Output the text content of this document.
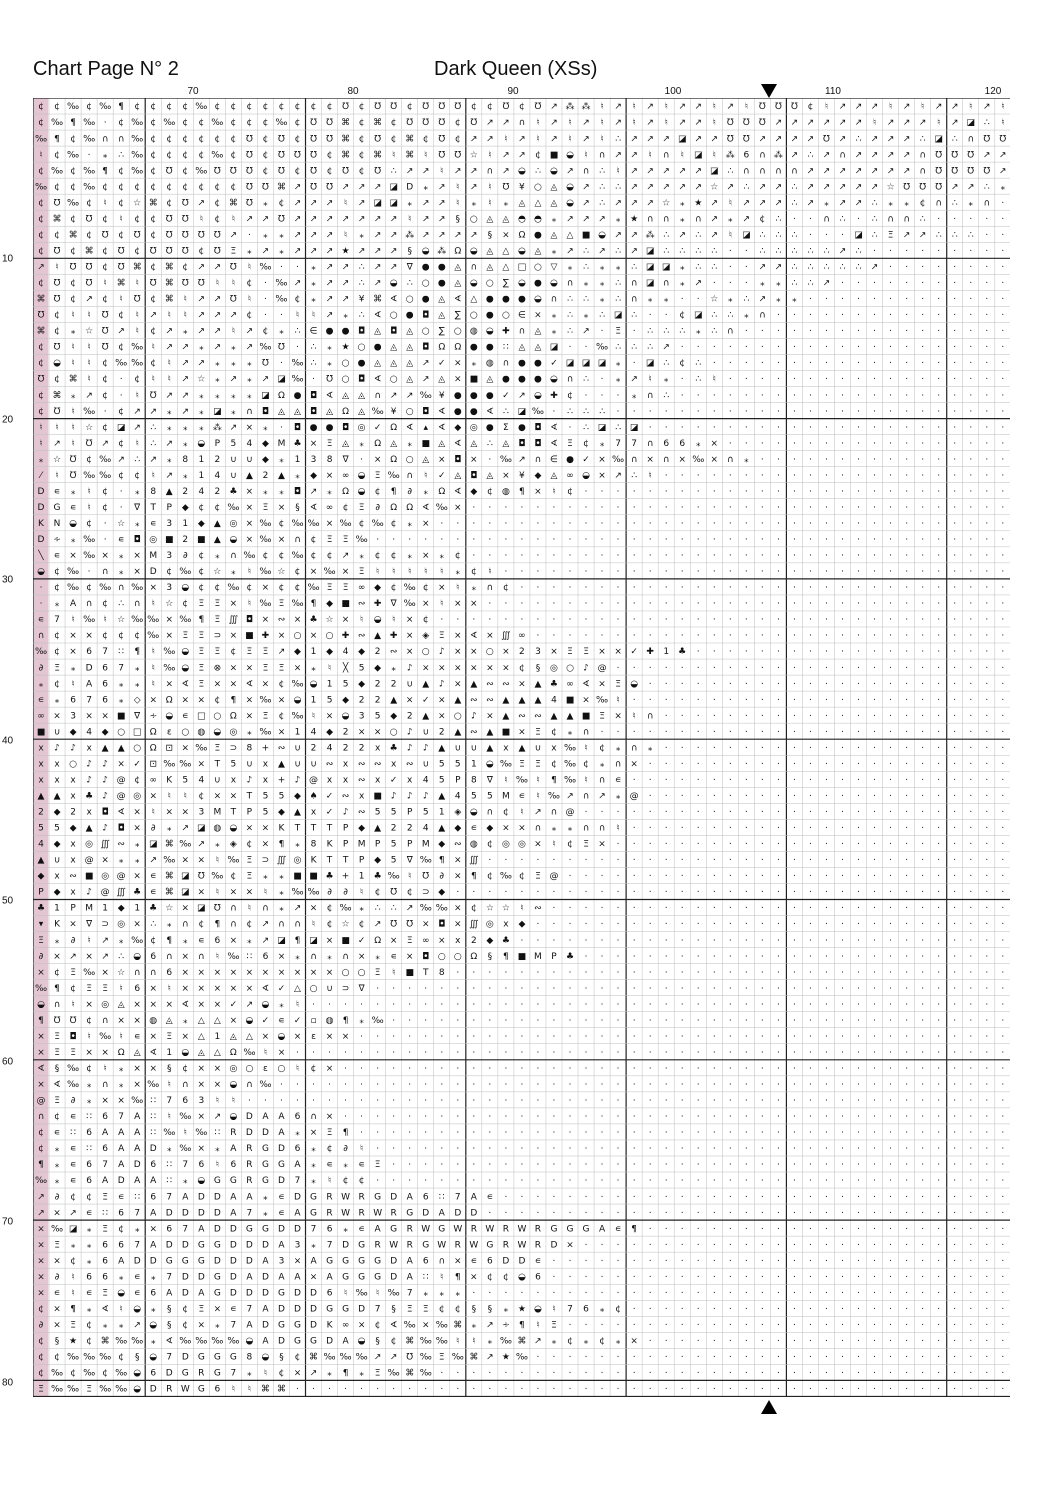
Chart Page N° 2	Dark Queen (XSs)
70	80	90	100	110	120
10
20
30
40
50
60
70
80
¢ ¢ ‰ ¢ ‰ ¶ ¢ ¢ ¢ ¢ ‰ ¢ ¢ ¢ ¢ ¢ ¢ ¢ ¢ ℧ ¢ ℧ ℧ ¢ ℧ ℧ ℧ ¢ ¢ ℧ ¢ ℧ ↗ ⁂ ⁂ ♮ ↗ ♮ ↗ ♮ ↗ ↗ ♮ ↗ ♮ ℧ ℧ ℧ ¢ ♮ ↗ ↗ ↗ ♮ ↗ ♮ ↗ ↗ ♮ ↗ ♮
¢ ‰ ¶ ‰ · ¢ ‰ ¢ ‰ ¢ ¢ ‰ ¢ ¢ ¢ ‰ ¢ ℧ ℧ ⌘ ¢ ⌘ ¢ ℧ ℧ ℧ ¢ ℧ ↗ ↗ ∩ ♮ ↗ ♮ ↗ ♮ ↗ ♮ ↗ ♮ ↗ ↗ ♮ ℧ ℧ ℧ ↗ ↗ ↗ ↗ ↗ ↗ ♮ ↗ ↗ ↗ ♮ ↗ ◪ ∴ ♮
‰ ¶ ¢ ‰ ∩ ∩ ‰ ¢ ¢ ¢ ¢ ¢ ¢ ℧ ¢ ℧ ¢ ℧ ℧ ⌘ ¢ ℧ ¢ ⌘ ¢ ℧ ¢ ↗ ↗ ♮ ↗ ♮ ↗ ♮ ↗ ♮ ∴ ↗ ↗ ↗ ◪ ↗ ↗ ℧ ℧ ↗ ↗ ↗ ↗ ℧ ↗ ∴ ↗ ↗ ↗ ∴ ◪ ∴ ∩ ℧ ℧
♮ ¢ ‰ · ⁎ ∴ ‰ ¢ ¢ ¢ ¢ ‰ ¢ ℧ ¢ ℧ ℧ ℧ ¢ ⌘ ¢ ⌘ ♮ ⌘ ♮ ℧ ℧ ☆ ♮ ↗ ↗ ¢ ■ ◒ ♮ ∩ ↗ ↗ ♮ ∩ ♮ ◪ ♮ ⁂ 6 ∩ ⁂ ↗ ∴ ↗ ∩ ↗ ↗ ↗ ↗ ∩ ℧ ℧ ℧ ↗ ↗
¢ ‰ ¢ ‰ ¶ ¢ ‰ ¢ ℧ ¢ ‰ ℧ ℧ ℧ ¢ ℧ ¢ ℧ ¢ ℧ ¢ ℧ ∴ ↗ ↗ ♮ ↗ ↗ ∩ ↗ ◒ ∴ ◒ ↗ ∩ ∴ ♮ ↗ ↗ ↗ ↗ ↗ ◪ ∴ ∩ ∩ ∩ ∩ ↗ ↗ ↗ ↗ ↗ ↗ ↗ ∩ ℧ ℧ ℧ ℧ ↗
‰ ¢ ¢ ‰ ¢ ¢ ¢ ¢ ¢ ¢ ¢ ¢ ¢ ℧ ℧ ⌘ ↗ ℧ ℧ ↗ ↗ ↗ ◪ D ⁎ ↗ ♮ ↗ ♮ ℧ ¥ ○ ◬ ◒ ↗ ∴ ∴ ↗ ↗ ↗ ↗ ↗ ☆ ↗ ∴ ↗ ↗ ∴ ↗ ↗ ↗ ↗ ↗ ☆ ℧ ℧ ℧ ↗ ↗ ∴ ⁎
¢ ℧ ‰ ¢ ♮ ¢ ☆ ⌘ ¢ ℧ ↗ ¢ ⌘ ℧ ⁎ ¢ ↗ ↗ ↗ ♮ ↗ ◪ ◪ ⁎ ↗ ↗ ♮ ⁎ ♮ ⁎ ◬ △ ◬ ◒ ↗ ∴ ↗ ↗ ↗ ☆ ⁎ ★ ↗ ♮ ↗ ↗ ↗ ∴ ↗ ⁎ ↗ ↗ ∴ ⁎ ⁎ ¢ ∩ ∴ ⁎ ∩ ·
¢ ⌘ ¢ ℧ ¢ ♮ ¢ ¢ ℧ ℧ ♮ ¢ ♮ ↗ ↗ ℧ ↗ ↗ ↗ ↗ ↗ ↗ ↗ ♮ ↗ ↗ § ○ ◬ ◬ ◓ ◓ ⁎ ↗ ↗ ↗ ⁎ ★ ∩ ∩ ⁎ ∩ ↗ ⁎ ↗ ¢ ∴ · · ∩ ∴ · ∴ ∩ ∩ ∴ · · · · ·
¢ ¢ ⌘ ¢ ℧ ¢ ℧ ¢ ℧ ℧ ℧ ℧ ↗ · ⁎ ⁎ ↗ ↗ ↗ ♮ ⁎ ↗ ↗ ⁂ ↗ ↗ ↗ ↗ § ⨯ Ω ● ◬ △ ■ ◒ ↗ ↗ ⁂ ∴ ↗ ∴ ↗ ♮ ◪ ∴ ∴ ∴ · · · ◪ ∴ Ξ ↗ ↗ ∴ ∴ ∴ · ·
¢ ℧ ¢ ⌘ ¢ ℧ ¢ ℧ ℧ ℧ ¢ ℧ Ξ ⁎ ↗ ⁎ ↗ ↗ ↗ ★ ↗ ↗ ↗ § ◒ ⁂ Ω ◒ ◬ △ ◒ ◬ ⁎ ↗ ∴ ↗ ∴ ↗ ◪ ∴ ∴ ∴ ∴ · · ∴ ∴ ∴ ∴ ∴ ↗ ∴ · · · · · · · · ·
↗ ♮ ℧ ℧ ¢ ℧ ⌘ ¢ ⌘ ¢ ↗ ↗ ℧ ♮ ‰ · · ⁎ ↗ ↗ ∴ ↗ ↗ ∇ ● ● ◬ ∩ ◬ △ □ ○ ▽ ⁎ ∴ ⁎ ⁎ ∴ ◪ ◪ ⁎ ∴ ∴ · · ↗ ↗ ∴ ∴ ∴ ∴ ∴ ↗ · · · · · · · ·
¢ ℧ ¢ ℧ ♮ ⌘ ♮ ℧ ⌘ ℧ ℧ ♮ ♮ ¢ · ‰ ↗ ⁎ ↗ ↗ ∴ ↗ ◒ ∴ ○ ● ◬ ◒ ○ ∑ ◒ ● ◒ ∩ ⁎ ⁎ ∴ ∩ ◪ ∩ ⁎ ↗ · · · ⁎ ⁎ ∴ ∴ ↗ · · · · · · · · · · ·
⌘ ℧ ¢ ↗ ¢ ♮ ℧ ¢ ⌘ ♮ ↗ ↗ ℧ ♮ · ‰ ¢ ⁎ ↗ ↗ ¥ ⌘ ∢ ○ ● ◬ ∢ △ ● ● ● ◒ ∩ ∴ ∴ ⁎ ∴ ∩ ⁎ ⁎ · · ☆ ⁎ ∴ ↗ ⁎ ⁎ · · · · · · · · · · · · ·
℧ ¢ ♮ ♮ ℧ ¢ ♮ ↗ ♮ ♮ ↗ ↗ ↗ ¢ · · ♮ ♮ ↗ ⁎ ∴ ∢ ○ ● ◘ ◬ ∑ ○ ● ○ ∈ ⨯ ⁎ ∴ ⁎ ∴ ◪ ∴ · · ¢ ◪ ∴ ∴ ⁎ ∩ · · · · · · · · · · · · · · ·
⌘ ¢ ⁎ ☆ ℧ ↗ ♮ ¢ ↗ ⁎ ↗ ↗ ♮ ↗ ¢ ⁎ ∴ ∈ ● ● ◘ ◬ ◘ ◬ ○ ∑ ○ ◍ ◒ ✚ ∩ ◬ ⁎ ∴ ↗ · Ξ · ∴ ∴ ∴ ⁎ ∴ ∩ · · · · · · · · · · · · · · · · ·
¢ ℧ ♮ ♮ ℧ ¢ ‰ ♮ ↗ ↗ ⁎ ↗ ⁎ ↗ ‰ ℧ · ∴ ⁎ ★ ○ ● ◬ ◬ ◘ Ω Ω ● ● ∷ ◬ ◬ ◪ · · ‰ ∴ ∴ ∴ ↗ · · · · · · · · · · · · · · · · · · · · ·
¢ ◒ ♮ ♮ ¢ ‰ ‰ ¢ ♮ ↗ ↗ ⁎ ⁎ ⁎ ℧ · ‰ ∴ ⁎ ○ ● ◬ ◬ ◬ ↗ ✓ ⨯ ⁎ ◍ ∩ ● ● ✓ ◪ ◪ ◪ ⁎ · ◪ ∴ ¢ ∴ · · · · · · · · · · · · · · · · · · ·
℧ ¢ ⌘ ♮ ¢ · ¢ ♮ ♮ ↗ ☆ ⁎ ↗ ⁎ ↗ ◪ ‰ · ℧ ○ ◘ ∢ ○ ◬ ↗ ◬ ⨯ ■ ◬ ● ● ● ◒ ∩ ∴ · ⁎ ↗ ♮ ⁎ · ∴ ♮ · · · · · · · · · · · · · · · · · ·
¢ ⌘ ⁎ ↗ ¢ · ♮ ℧ ↗ ↗ ⁎ ⁎ ⁎ ⁎ ◪ Ω ● ◘ ∢ ◬ ◬ ∩ ↗ ↗ ‰ ¥ ● ● ● ✓ ↗ ◒ ✚ ¢ · · · ⁎ ∩ ∴ · · · · · · · · · · · · · · · · · · · · ·
¢ ℧ ♮ ‰ · ¢ ↗ ↗ ⁎ ↗ ⁎ ◪ ⁎ ∩ ◘ ◬ ◬ ◘ ◬ Ω ◬ ‰ ¥ ○ ◘ ∢ ● ● ∢ ∴ ◪ ‰ · ∴ ∴ ∴ · · · · · · · · · · · · · · · · · · · · · · · · ·
♮ ♮ ♮ ☆ ¢ ◪ ↗ ∴ ⁎ ⁎ ⁎ ⁂ ↗ ⨯ ⁎ · ◘ ● ● ◘ ◎ ✓ Ω ∢ ▴ ∢ ◆ ◎ ● Σ ● ◘ ∢ · ∴ ◪ ∴ ◪ · · · · · · · · · · · · · · · · · · · · · · ·
♮ ↗ ♮ ℧ ↗ ¢ ♮ ∴ ↗ ⁎ ◒ P 5 4 ◆ M ♣ ⨯ Ξ ◬ ⁎ Ω ◬ ⁎ ■ ◬ ∢ ◬ ∴ ◬ ◘ ◘ ∢ Ξ ¢ ⁎ 7 7 ∩ 6 6 ⁎ ⨯ · · · · · · · · · · · · · · · · · ·
⁎ ☆ ℧ ¢ ‰ ↗ ∴ ↗ ⁎ 8 1 2 ∪ ∪ ◆ ⁎ 1 3 8 ∇ · ⨯ Ω ○ ◬ ⨯ ◘ ⨯ · ‰ ↗ ∩ ∈ ● ✓ ⨯ ‰ ∩ ⨯ ∩ ⨯ ‰ ⨯ ∩ ⁎ · · · · · · · · · · · · · · · ·
⁄ ♮ ℧ ‰ ‰ ¢ ¢ ♮ ↗ ⁎ 1 4 ∪ ▲ 2 ▲ ⁎ ◆ ⨯ ∞ ◒ Ξ ‰ ∩ ♮ ✓ ◬ ◘ ◬ ⨯ ¥ ◆ ◬ ∞ ◒ ⨯ ↗ ∴ ♮ · · · · · · · · · · · · · · · · · · · · · ·
D ∊ ⁎ ♮ ¢ · ⁎ 8 ▲ 2 4 2 ♣ ⨯ ⁎ ⁎ ◘ ↗ ⁎ Ω ◒ ¢ ¶ ∂ ⁎ Ω ∢ ◆ ¢ ◍ ¶ ⨯ ♮ ¢ · · · · · · · · · · · · · · · · · · · · · · · · · · ·
D G ∊ ♮ ¢ · ∇ T P ◆ ¢ ¢ ‰ ⨯ Ξ ⨯ § ∢ ∞ ¢ Ξ ∂ Ω Ω ∢ ‰ ⨯ · · · · · · · · · · · · · · · · · · · · · · · · · · · · · · · · · ·
K N ◒ ¢ · ☆ ⁎ ∊ 3 1 ◆ ▲ ◎ ⨯ ‰ ¢ ‰ ‰ ⨯ ‰ ¢ ‰ ¢ ⁎ ⨯ · · · · · · · · · · · · · · · · · · · · · · · · · · · · · · · · · · · ·
D ∻ ⁎ ‰ · ∊ ◘ ◎ ■ 2 ■ ▲ ◒ ⨯ ‰ ⨯ ∩ ¢ Ξ Ξ ‰ · · · · · · · · · · · · · · · · · · · · · · · · · · · · · · · · · · · · · · · ·
╲ ∊ ⨯ ‰ ⨯ ⁎ ⨯ M 3 ∂ ¢ ⁎ ∩ ‰ ¢ ¢ ‰ ¢ ¢ ↗ ⁎ ¢ ¢ ⁎ ⨯ ⁎ ¢ · · · · · · · · · · · · · · · · · · · · · · · · · · · · · · · · · ·
◒ ¢ ‰ · ∩ ⁎ ⨯ D ¢ ‰ ¢ ☆ ⁎ ♮ ‰ ☆ ¢ ⨯ ‰ ⨯ Ξ ♮ ♮ ♮ ♮ ♮ ⁎ ¢ ♮ · · · · · · · · · · · · · · · · · · · · · · · · · · · · · · · ·
· ¢ ‰ ¢ ‰ ∩ ‰ ⨯ 3 ◒ ¢ ¢ ‰ ¢ ⨯ ¢ ¢ ‰ Ξ Ξ ∞ ◆ ¢ ‰ ¢ ⨯ ♮ ⁎ ∩ ¢ · · · · · · · · · · · · · · · · · · · · · · · · · · · · · · ·
· ⁎ A ∩ ¢ ∴ ∩ ♮ ☆ ¢ Ξ Ξ ⨯ ♮ ‰ Ξ ‰ ¶ ◆ ■ ∾ ✚ ∇ ‰ ⨯ ♮ ⨯ ⨯ · · · · · · · · · · · · · · · · · · · · · · · · · · · · · · · · ·
∊ 7 ♮ ‰ ♮ ☆ ‰ ‰ ⨯ ‰ ¶ Ξ ∭ ◘ ⨯ ∾ ⨯ ♣ ☆ ⨯ ♮ ◒ ♮ ⨯ ¢ · · · · · · · · · · · · · · · · · · · · · · · · · · · · · · · · · · · ·
∩ ¢ ⨯ ⨯ ¢ ¢ ¢ ‰ ⨯ Ξ Ξ ⊃ ⨯ ■ ✚ ⨯ ○ ⨯ ○ ✚ ∾ ▲ ✚ ⨯ ◈ Ξ ⨯ ∢ ⨯ ∭ ∞ · · · · · · · · · · · · · · · · · · · · · · · · · · · · · ·
‰ ¢ ⨯ 6 7 ∷ ¶ ♮ ‰ ◒ Ξ Ξ ¢ Ξ Ξ ↗ ◆ 1 ◆ 4 ◆ 2 ∾ ⨯ ○ ♪ ⨯ ⨯ ○ ⨯ 2 3 ⨯ Ξ Ξ ⨯ ⨯ ✓ ✚ 1 ♣ · · · · · · · · · · · · · · · · · · · ·
∂ Ξ ⁎ D 6 7 ⁎ ♮ ‰ ◒ Ξ ⊗ ⨯ ⨯ Ξ Ξ ⨯ ⁎ ♮ ╳ 5 ◆ ⁎ ♪ ⨯ ⨯ ⨯ ⨯ ⨯ ⨯ ¢ § ◎ ○ ♪ @ · · · · · · · · · · · · · · · · · · · · · · · · ·
⁎ ¢ ♮ A 6 ⁎ ⁎ ♮ ⨯ ∢ Ξ ⨯ ⨯ ∢ ⨯ ¢ ‰ ◒ 1 5 ◆ 2 2 ∪ ▲ ♪ ⨯ ▲ ∾ ∾ ⨯ ▲ ♣ ∞ ∢ ⨯ Ξ ◒ · · · · · · · · · · · · · · · · · · · · · · ·
∊ ⁎ 6 7 6 ⁎ ◇ ⨯ Ω ⨯ ⨯ ¢ ¶ ⨯ ‰ ⨯ ◒ 1 5 ◆ 2 2 ▲ ⨯ ✓ ⨯ ▲ ∾ ∾ ▲ ▲ ▲ 4 ■ ⨯ ‰ ♮ · · · · · · · · · · · · · · · · · · · · · · · ·
∞ ⨯ 3 ⨯ ⨯ ■ ∇ ∻ ◒ ∊ □ ○ Ω ⨯ Ξ ¢ ‰ ♮ ⨯ ◒ 3 5 ◆ 2 ▲ ⨯ ○ ♪ ⨯ ▲ ∾ ∾ ▲ ▲ ■ Ξ ⨯ ♮ ∩ · · · · · · · · · · · · · · · · · · · · · ·
■ ∪ ◆ 4 ◆ ○ □ Ω ε ○ ◍ ◒ ◎ ⁎ ‰ ⨯ 1 4 ◆ 2 ⨯ ⨯ ○ ♪ ∪ 2 ▲ ∾ ▲ ■ ⨯ Ξ ¢ ⁎ ∩ · · · · · · · · · · · · · · · · · · · · · · · · · ·
x ♪ ♪ x ▲ ▲ ○ Ω ⊡ ⨯ ‰ Ξ ⊃ 8 + ∾ ∪ 2 4 2 2 x ♣ ♪ ♪ ▲ ∪ ∪ ▲ x ▲ ∪ x ‰ ♮ ¢ ⁎ ∩ ⁎ · · · · · · · · · · · · · · · · · · · · · ·
x x ○ ♪ ♪ ⨯ ✓ ⊡ ‰ ‰ ⨯ T 5 ∪ x ▲ ∪ ∪ ∾ x ∾ ∾ x ∾ ∪ 5 5 1 ◒ ‰ Ξ Ξ ¢ ‰ ¢ ⁎ ∩ ⨯ · · · · · · · · · · · · · · · · · · · · · · ·
x x x ♪ ♪ @ ¢ ∞ K 5 4 ∪ x ♪ x + ♪ @ x x ∾ x ✓ x 4 5 P 8 ∇ ♮ ‰ ♮ ¶ ‰ ♮ ∩ ∊ · · · · · · · · · · · · · · · · · · · · · · · ·
▲ ▲ x ♣ ♪ @ ◎ ⨯ ♮ ♮ ¢ ⨯ ⨯ T 5 5 ◆ ♠ ✓ ∾ x ■ ♪ ♪ ♪ ▲ 4 5 5 M ∊ ♮ ‰ ↗ ∩ ↗ ⁎ @ · · · · · · · · · · · · · · · · · · · · · · ·
2 ◆ 2 x ◘ ∢ ⨯ ♮ ⨯ ⨯ 3 M T P 5 ◆ ▲ x ✓ ♪ ∾ 5 5 P 5 1 ◈ ◒ ∩ ¢ ♮ ↗ ∩ @ · · · · · · · · · · · · · · · · · · · · · · · · · · ·
5 5 ◆ ▲ ♪ ◘ ⨯ ∂ ⁎ ↗ ◪ ◍ ◒ ⨯ ⨯ K T T T P ◆ ▲ 2 2 4 ▲ ◆ ∊ ◆ ⨯ ⨯ ∩ ⁎ ⁎ ∩ ∩ ♮ · · · · · · · · · · · · · · · · · · · · · · · ·
4 ◆ x ◎ ∭ ∾ ⁎ ◪ ⌘ ‰ ↗ ⁎ ◈ ¢ ⨯ ¶ ⁎ 8 K P M P 5 P M ◆ ∾ ◍ ¢ ◎ ◎ ⨯ ♮ ¢ Ξ ⨯ · · · · · · · · · · · · · · · · · · · · · · · · ·
▲ ∪ x @ ⨯ ⁎ ⁎ ↗ ‰ ⨯ ⨯ ♮ ‰ Ξ ⊃ ∭ ◎ K T T P ◆ 5 ∇ ‰ ¶ ⨯ ∭ · · · · · · · · · · · · · · · · · · · · · · · · · · · · · · · · ·
◆ x ∾ ■ ◎ @ ⨯ ∊ ⌘ ◪ ℧ ‰ ¢ Ξ ⁎ ⁎ ■ ■ ♣ + 1 ♣ ‰ ♮ ℧ ∂ ⨯ ¶ ¢ ‰ ¢ Ξ @ · · · · · · · · · · · · · · · · · · · · · · · · · · · ·
P ◆ x ♪ @ ∭ ♣ ∊ ⌘ ◪ ⨯ ♮ ⨯ ⨯ ♮ ⁎ ‰ ‰ ∂ ∂ ♮ ¢ ℧ ¢ ⊃ ◆ · · · · · · · · · · · · · · · · · · · · · · · · · · · · · · · · · · ·
♣ 1 P M 1 ◆ 1 ♣ ☆ ⨯ ◪ ℧ ∩ ♮ ∩ ⁎ ↗ ⨯ ¢ ‰ ⁎ ∴ ∴ ↗ ‰ ‰ ⨯ ¢ ☆ ☆ ♮ ∾ · · · · · · · · · · · · · · · · · · · · · · · · · · · · ·
▾ K ⨯ ∇ ⊃ ◎ ⨯ ∴ ⁎ ∩ ¢ ¶ ∩ ¢ ↗ ∩ ∩ ♮ ¢ ☆ ¢ ↗ ℧ ℧ ⨯ ◘ ⨯ ∭ ◎ x ◆ · · · · · · · · · · · · · · · · · · · · · · · · · · · · · ·
Ξ ⁎ ∂ ♮ ↗ ⁎ ‰ ¢ ¶ ⁎ ∊ 6 ⨯ ⁎ ↗ ◪ ¶ ◪ ⨯ ■ ✓ Ω ⨯ Ξ ∞ ⨯ x 2 ◆ ♣ · · · · · · · · · · · · · · · · · · · · · · · · · · · · · · ·
∂ ⨯ ↗ ⨯ ↗ ∴ ◒ 6 ∩ ⨯ ∩ ♮ ‰ ∷ 6 ⨯ ⁎ ∩ ⁎ ∩ ⨯ ⁎ ∊ ⨯ ◘ ○ ○ Ω § ¶ ■ M P ♣ · · · · · · · · · · · · · · · · · · · · · · · · · · ·
⨯ ¢ Ξ ‰ ⨯ ☆ ∩ ∩ 6 ⨯ ⨯ ⨯ ⨯ ⨯ ⨯ ⨯ ⨯ ⨯ ⨯ ○ ○ Ξ ♮ ■ T 8 · · · · · · · · · · · · · · · · · · · · · · · · · · · · · · · · · · ·
‰ ¶ ¢ Ξ Ξ ♮ 6 ⨯ ♮ ⨯ ⨯ ⨯ ⨯ ⨯ ∢ ✓ △ ○ ∪ ⊃ ∇ · · · · · · · · · · · · · · · · · · · · · · · · · · · · · · · · · · · · · · · ·
◒ ∩ ♮ ⨯ ◎ ◬ ⨯ ⨯ ⨯ ∢ ⨯ ⨯ ✓ ↗ ◒ ⁎ ♮ · · · · · · · · · · · · · · · · · · · · · · · · · · · · · · · · · · · · · · · · · · · ·
¶ ℧ ℧ ¢ ∩ ⨯ ⨯ ◍ ◬ ⁎ △ △ ⨯ ◒ ✓ ∊ ✓ ▫ ◍ ¶ ⁎ ‰ · · · · · · · · · · · · · · · · · · · · · · · · · · · · · · · · · · · · · · ·
⨯ Ξ ◘ ♮ ‰ ♮ ∊ ⨯ Ξ ⨯ △ 1 ◬ △ ⨯ ◒ ⨯ ε ⨯ ⨯ · · · · · · · · · · · · · · · · · · · · · · · · · · · · · · · · · · · · · · · · ·
⨯ Ξ Ξ ⨯ ⨯ Ω ◬ ∢ 1 ◒ ◬ △ Ω ‰ ♮ ⨯ · · · · · · · · · · · · · · · · · · · · · · · · · · · · · · · · · · · · · · · · · · · · ·
∢ § ‰ ¢ ♮ ⁎ ⨯ ⨯ § ¢ ⨯ ⨯ ◎ ○ ε ○ ♮ ¢ ⨯ · · · · · · · · · · · · · · · · · · · · · · · · · · · · · · · · · · · · · · · · · ·
⨯ ∢ ‰ ⁎ ∩ ⁎ ⨯ ‰ ♮ ∩ ⨯ ⨯ ◒ ∩ ‰ · · · · · · · · · · · · · · · · · · · · · · · · · · · · · · · · · · · · · · · · · · · · · ·
@ Ξ ∂ ⁎ ⨯ ⨯ ‰ ∷ 7 6 3 ♮ ♮ · · · · · · · · · · · · · · · · · · · · · · · · · · · · · · · · · · · · · · · · · · · · · · · ·
∩ ¢ ∊ ∷ 6 7 A ∷ ♮ ‰ ⨯ ↗ ◒ D A A 6 ∩ ⨯ · · · · · · · · · · · · · · · · · · · · · · · · · · · · · · · · · · · · · · · · · ·
¢ ∊ ∷ 6 A A A ∷ ‰ ♮ ‰ ∷ R D D A ⁎ ⨯ Ξ ¶ · · · · · · · · · · · · · · · · · · · · · · · · · · · · · · · · · · · · · · · · ·
¢ ⁎ ∊ ∷ 6 A A D ⁎ ‰ ⨯ ⁎ A R G D 6 ⁎ ¢ ∂ ♮ · · · · · · · · · · · · · · · · · · · · · · · · · · · · · · · · · · · · · · · ·
¶ ⁎ ∊ 6 7 A D 6 ∷ 7 6 ♮ 6 R G G A ⁎ ∊ ⁎ ∊ Ξ · · · · · · · · · · · · · · · · · · · · · · · · · · · · · · · · · · · · · · ·
‰ ⁎ ∊ 6 A D A A ∷ ⁎ ◒ G G R G D 7 ⁎ ♮ ¢ ¢ · · · · · · · · · · · · · · · · · · · · · · · · · · · · · · · · · · · · · · · ·
↗ ∂ ¢ ¢ Ξ ∊ ∷ 6 7 A D D A A ⁎ ∊ D G R W R G D A 6 ∷ 7 A ∊ · · · · · · · · · · · · · · · · · · · · · · · · · · · · · · · ·
↗ ⨯ ↗ ∊ ∷ 6 7 A D D D D A 7 ⁎ ∊ A G R W R W R G D A D D · · · · · · · · · · · · · · · · · · · · · · · · · · · · · · · · ·
⨯ ‰ ◪ ⁎ Ξ ¢ ⁎ ⨯ 6 7 A D D G G D D 7 6 ⁎ ∊ A G R W G W R W R W R G G G A ∊ ¶ · · · · · · · · · · · · · · · · · · · · · · ·
⨯ Ξ ⁎ ⁎ 6 6 7 A D D G G D D D A 3 ⁎ 7 D G R W R G W R W G R W R D ⨯ · · · · · · · · · · · · · · · · · · · · · · · · · · ·
⨯ ⨯ ¢ ⁎ 6 A D D G G G D D D A 3 ⨯ A G G G G D A 6 ∩ ⨯ ∊ 6 D D ∊ · · · · · · · · · · · · · · · · · · · · · · · · · · · · ·
⨯ ∂ ♮ 6 6 ⁎ ∊ ⁎ 7 D D G D A D A A ⨯ A G G G D A ∷ ♮ ¶ ⨯ ¢ ¢ ◒ 6 · · · · · · · · · · · · · · · · · · · · · · · · · · · · ·
⨯ ∊ ♮ ∊ Ξ ◒ ∊ 6 A D A G D D D G D D 6 ♮ ‰ ♮ ‰ 7 ⁎ ⁎ ⁎ · · · · · · · · · · · · · · · · · · · · · · · · · · · · · · · · · ·
¢ ⨯ ¶ ⁎ ∢ ♮ ◒ ⁎ § ¢ Ξ ⨯ ∊ 7 A D D D G G D 7 § Ξ Ξ ¢ ¢ § § ⁎ ★ ◒ ♮ 7 6 ⁎ ¢ · · · · · · · · · · · · · · · · · · · · · · · ·
∂ ⨯ Ξ ¢ ⁎ ⁎ ↗ ◒ § ¢ ⨯ ⁎ 7 A D G G D K ∞ ⨯ ¢ ∢ ‰ ⨯ ‰ ⌘ ⁎ ↗ ∻ ¶ ♮ Ξ · · · · · · · · · · · · · · · · · · · · · · · · · · · ·
¢ § ★ ¢ ⌘ ‰ ‰ ⁎ ∢ ‰ ‰ ‰ ‰ ◒ A D G G D A ◒ § ¢ ⌘ ‰ ‰ ♮ ♮ ⁎ ‰ ⌘ ↗ ⁎ ¢ ⁎ ¢ ⁎ ⨯ · · · · · · · · · · · · · · · · · · · · · · ·
¢ ¢ ‰ ‰ ‰ ¢ § ◒ 7 D G G G 8 ◒ § ¢ ⌘ ‰ ‰ ‰ ↗ ↗ ℧ ‰ Ξ ‰ ⌘ ↗ ★ ‰ · · · · · · · · · · · · · · · · · · · · · · · · · · · · · ·
¢ ‰ ¢ ‰ ¢ ‰ ◒ 6 D G R G 7 ⁎ ♮ ¢ ⨯ ↗ ⁎ ¶ ⁎ Ξ ‰ ⌘ ‰ · · · · · · · · · · · · · · · · · · · · · · · · · · · · · · · · · · · ·
Ξ ‰ ‰ Ξ ‰ ‰ ◒ D R W G 6 ♮ ♮ ⌘ ⌘ · · · · · · · · · · · · · · · · · · · · · · · · · · · · · · · · · · · · · · · · · · · · ·
